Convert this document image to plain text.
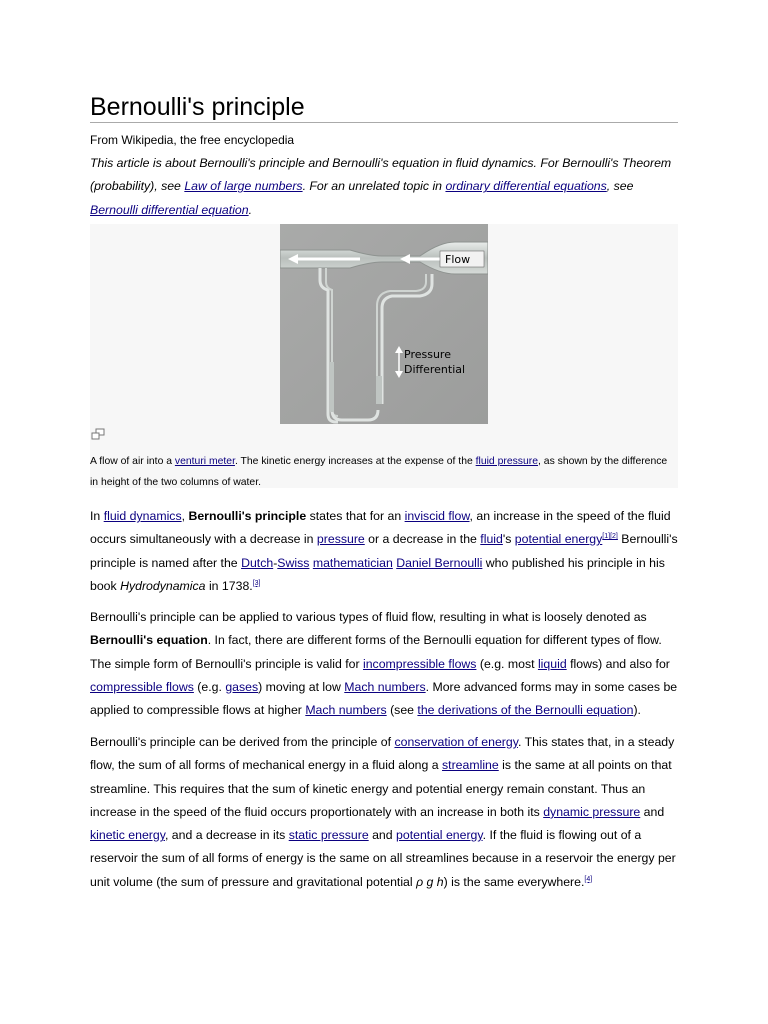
Bernoulli's principle
From Wikipedia, the free encyclopedia
This article is about Bernoulli's principle and Bernoulli's equation in fluid dynamics. For Bernoulli's Theorem (probability), see Law of large numbers. For an unrelated topic in ordinary differential equations, see Bernoulli differential equation.
Flow
Pressure
Differential
A flow of air into a venturi meter. The kinetic energy increases at the expense of the fluid pressure, as shown by the difference in height of the two columns of water.
In fluid dynamics, Bernoulli's principle states that for an inviscid flow, an increase in the speed of the fluid occurs simultaneously with a decrease in pressure or a decrease in the fluid's potential energy[1][2] Bernoulli's principle is named after the Dutch-Swiss mathematician Daniel Bernoulli who published his principle in his book Hydrodynamica in 1738.[3]
Bernoulli's principle can be applied to various types of fluid flow, resulting in what is loosely denoted as Bernoulli's equation. In fact, there are different forms of the Bernoulli equation for different types of flow. The simple form of Bernoulli's principle is valid for incompressible flows (e.g. most liquid flows) and also for compressible flows (e.g. gases) moving at low Mach numbers. More advanced forms may in some cases be applied to compressible flows at higher Mach numbers (see the derivations of the Bernoulli equation).
Bernoulli's principle can be derived from the principle of conservation of energy. This states that, in a steady flow, the sum of all forms of mechanical energy in a fluid along a streamline is the same at all points on that streamline. This requires that the sum of kinetic energy and potential energy remain constant. Thus an increase in the speed of the fluid occurs proportionately with an increase in both its dynamic pressure and kinetic energy, and a decrease in its static pressure and potential energy. If the fluid is flowing out of a reservoir the sum of all forms of energy is the same on all streamlines because in a reservoir the energy per unit volume (the sum of pressure and gravitational potential ρ g h) is the same everywhere.[4]
